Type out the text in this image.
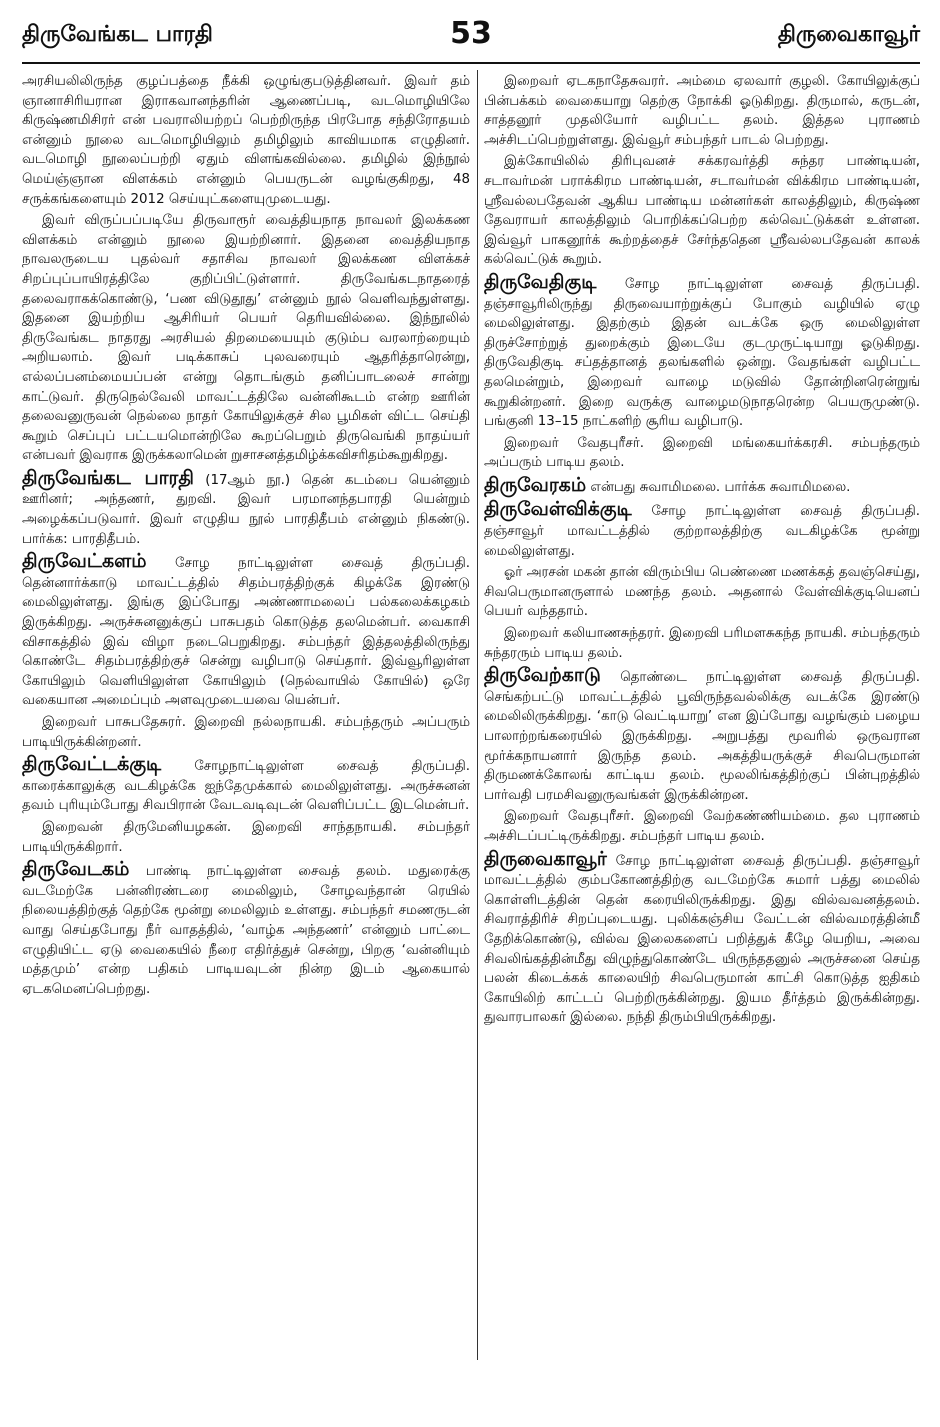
திருவேங்கட பாரதி	53	திருவைகாவூர்

அரசியலிலிருந்த குழப்பத்தை நீக்கி ஒழுங்குபடுத்தினவர். இவர் தம் ஞானாசிரியரான இராகவானந்தரின் ஆணைப்படி, வடமொழியிலே கிருஷ்ணமிசிரர் என் பவராலியற்றப் பெற்றிருந்த பிரபோத சந்திரோதயம் என்னும் நூலை வடமொழியிலும் தமிழிலும் காவியமாக எழுதினர். வடமொழி நூலைப்பற்றி ஏதும் விளங்கவில்லை. தமிழில் இந்நூல் மெய்ஞ்ஞான விளக்கம் என்னும் பெயருடன் வழங்குகிறது, 48 சருக்கங்களையும் 2012 செய்யுட்களையுமுடையது.

இவர் விருப்பப்படியே திருவாரூர் வைத்தியநாத நாவலர் இலக்கண விளக்கம் என்னும் நூலை இயற்றினார். இதனை வைத்தியநாத நாவலருடைய புதல்வர் சதாசிவ நாவலர் இலக்கண விளக்கச் சிறப்புப்பாயிரத்திலே குறிப்பிட்டுள்ளார். திருவேங்கடநாதரைத் தலைவராகக்கொண்டு, ‘பண விடுதூது’ என்னும் நூல் வெளிவந்துள்ளது. இதனை இயற்றிய ஆசிரியர் பெயர் தெரியவில்லை. இந்நூலில் திருவேங்கட நாதரது அரசியல் திறமையையும் குடும்ப வரலாற்றையும் அறியலாம். இவர் படிக்காசுப் புலவரையும் ஆதரித்தாரென்று, எல்லப்பனம்மையப்பன் என்று தொடங்கும் தனிப்பாடலைச் சான்று காட்டுவர். திருநெல்வேலி மாவட்டத்திலே வன்னிகூடம் என்ற ஊரின் தலைவனுருவன் நெல்லை நாதர் கோயிலுக்குச் சில பூமிகள் விட்ட செய்தி கூறும் செப்புப் பட்டயமொன்றிலே கூறப்பெறும் திருவெங்கி நாதய்யர் என்பவர் இவராக இருக்கலாமென் றுசாசனத்தமிழ்க்கவிசரிதம்கூறுகிறது.

திருவேங்கட பாரதி (17ஆம் நூ.) தென் கடம்பை யென்னும் ஊரினர்; அந்தணர், துறவி. இவர் பரமானந்தபாரதி யென்றும் அழைக்கப்படுவார். இவர் எழுதிய நூல் பாரதிதீபம் என்னும் நிகண்டு. பார்க்க: பாரதிதீபம்.

திருவேட்களம் சோழ நாட்டிலுள்ள சைவத் திருப்பதி. தென்னார்க்காடு மாவட்டத்தில் சிதம்பரத்திற்குக் கிழக்கே இரண்டு மைலிலுள்ளது. இங்கு இப்போது அண்ணாமலைப் பல்கலைக்கழகம் இருக்கிறது. அருச்சுனனுக்குப் பாசுபதம் கொடுத்த தலமென்பர். வைகாசி விசாகத்தில் இவ் விழா நடைபெறுகிறது. சம்பந்தர் இத்தலத்திலிருந்து கொண்டே சிதம்பரத்திற்குச் சென்று வழிபாடு செய்தார். இவ்வூரிலுள்ள கோயிலும் வெளியிலுள்ள கோயிலும் (நெல்வாயில் கோயில்) ஒரே வகையான அமைப்பும் அளவுமுடையவை யென்பர்.

இறைவர் பாசுபதேசுரர். இறைவி நல்லநாயகி. சம்பந்தரும் அப்பரும் பாடியிருக்கின்றனர்.

திருவேட்டக்குடி சோழநாட்டிலுள்ள சைவத் திருப்பதி. காரைக்காலுக்கு வடகிழக்கே ஐந்தேமுக்கால் மைலிலுள்ளது. அருச்சுனன் தவம் புரியும்போது சிவபிரான் வேடவடிவுடன் வெளிப்பட்ட இடமென்பர்.

இறைவன் திருமேனியழகன். இறைவி சாந்தநாயகி. சம்பந்தர் பாடியிருக்கிறார்.

திருவேடகம் பாண்டி நாட்டிலுள்ள சைவத் தலம். மதுரைக்கு வடமேற்கே பன்னிரண்டரை மைலிலும், சோழவந்தான் ரெயில் நிலையத்திற்குத் தெற்கே மூன்று மைலிலும் உள்ளது. சம்பந்தர் சமணருடன் வாது செய்தபோது நீர் வாதத்தில், ‘வாழ்க அந்தணர்’ என்னும் பாட்டை எழுதியிட்ட ஏடு வைகையில் நீரை எதிர்த்துச் சென்று, பிறகு ‘வன்னியும் மத்தமும்’ என்ற பதிகம் பாடியவுடன் நின்ற இடம் ஆகையால் ஏடகமெனப்பெற்றது.

இறைவர் ஏடகநாதேசுவரர். அம்மை ஏலவார் குழலி. கோயிலுக்குப் பின்பக்கம் வைகையாறு தெற்கு நோக்கி ஓடுகிறது. திருமால், கருடன், சாத்தனூர் முதலியோர் வழிபட்ட தலம். இத்தல புராணம் அச்சிடப்பெற்றுள்ளது. இவ்வூர் சம்பந்தர் பாடல் பெற்றது.

இக்கோயிலில் திரிபுவனச் சக்கரவர்த்தி சுந்தர பாண்டியன், சடாவர்மன் பராக்கிரம பாண்டியன், சடாவர்மன் விக்கிரம பாண்டியன், ஸ்ரீவல்லபதேவன் ஆகிய பாண்டிய மன்னர்கள் காலத்திலும், கிருஷ்ண தேவராயர் காலத்திலும் பொறிக்கப்பெற்ற கல்வெட்டுக்கள் உள்ளன. இவ்வூர் பாகனூர்க் கூற்றத்தைச் சேர்ந்ததென ஸ்ரீவல்லபதேவன் காலக் கல்வெட்டுக் கூறும்.

திருவேதிகுடி சோழ நாட்டிலுள்ள சைவத் திருப்பதி. தஞ்சாவூரிலிருந்து திருவையாற்றுக்குப் போகும் வழியில் ஏழு மைலிலுள்ளது. இதற்கும் இதன் வடக்கே ஒரு மைலிலுள்ள திருச்சோற்றுத் துறைக்கும் இடையே குடமுருட்டியாறு ஓடுகிறது. திருவேதிகுடி சப்தத்தானத் தலங்களில் ஒன்று. வேதங்கள் வழிபட்ட தலமென்றும், இறைவர் வாழை மடுவில் தோன்றினரென்றுங் கூறுகின்றனர். இறை வருக்கு வாழைமடுநாதரென்ற பெயருமுண்டு. பங்குனி 13–15 நாட்களிற் சூரிய வழிபாடு.

இறைவர் வேதபுரீசர். இறைவி மங்கையர்க்கரசி. சம்பந்தரும் அப்பரும் பாடிய தலம்.

திருவேரகம் என்பது சுவாமிமலை. பார்க்க சுவாமிமலை.

திருவேள்விக்குடி சோழ நாட்டிலுள்ள சைவத் திருப்பதி. தஞ்சாவூர் மாவட்டத்தில் குற்றாலத்திற்கு வடகிழக்கே மூன்று மைலிலுள்ளது.

ஓர் அரசன் மகன் தான் விரும்பிய பெண்ணை மணக்கத் தவஞ்செய்து, சிவபெருமானருளால் மணந்த தலம். அதனால் வேள்விக்குடியெனப் பெயர் வந்ததாம்.

இறைவர் கலியாணசுந்தரர். இறைவி பரிமளசுகந்த நாயகி. சம்பந்தரும் சுந்தரரும் பாடிய தலம்.

திருவேற்காடு தொண்டை நாட்டிலுள்ள சைவத் திருப்பதி. செங்கற்பட்டு மாவட்டத்தில் பூவிருந்தவல்லிக்கு வடக்கே இரண்டு மைலிலிருக்கிறது. ‘காடு வெட்டியாறு’ என இப்போது வழங்கும் பழைய பாலாற்றங்கரையில் இருக்கிறது. அறுபத்து மூவரில் ஒருவரான மூர்க்கநாயனார் இருந்த தலம். அகத்தியருக்குச் சிவபெருமான் திருமணக்கோலங் காட்டிய தலம். மூலலிங்கத்திற்குப் பின்புறத்தில் பார்வதி பரமசிவனுருவங்கள் இருக்கின்றன.

இறைவர் வேதபுரீசர். இறைவி வேற்கண்ணியம்மை. தல புராணம் அச்சிடப்பட்டிருக்கிறது. சம்பந்தர் பாடிய தலம்.

திருவைகாவூர் சோழ நாட்டிலுள்ள சைவத் திருப்பதி. தஞ்சாவூர் மாவட்டத்தில் கும்பகோணத்திற்கு வடமேற்கே சுமார் பத்து மைலில் கொள்ளிடத்தின் தென் கரையிலிருக்கிறது. இது வில்வவனத்தலம். சிவராத்திரிச் சிறப்புடையது. புலிக்கஞ்சிய வேட்டன் வில்வமரத்தின்மீ தேறிக்கொண்டு, வில்வ இலைகளைப் பறித்துக் கீழே யெறிய, அவை சிவலிங்கத்தின்மீது விழுந்துகொண்டே யிருந்ததனுல் அருச்சனை செய்த பலன் கிடைக்கக் காலையிற் சிவபெருமான் காட்சி கொடுத்த ஐதிகம் கோயிலிற் காட்டப் பெற்றிருக்கின்றது. இயம தீர்த்தம் இருக்கின்றது. துவாரபாலகர் இல்லை. நந்தி திரும்பியிருக்கிறது.
